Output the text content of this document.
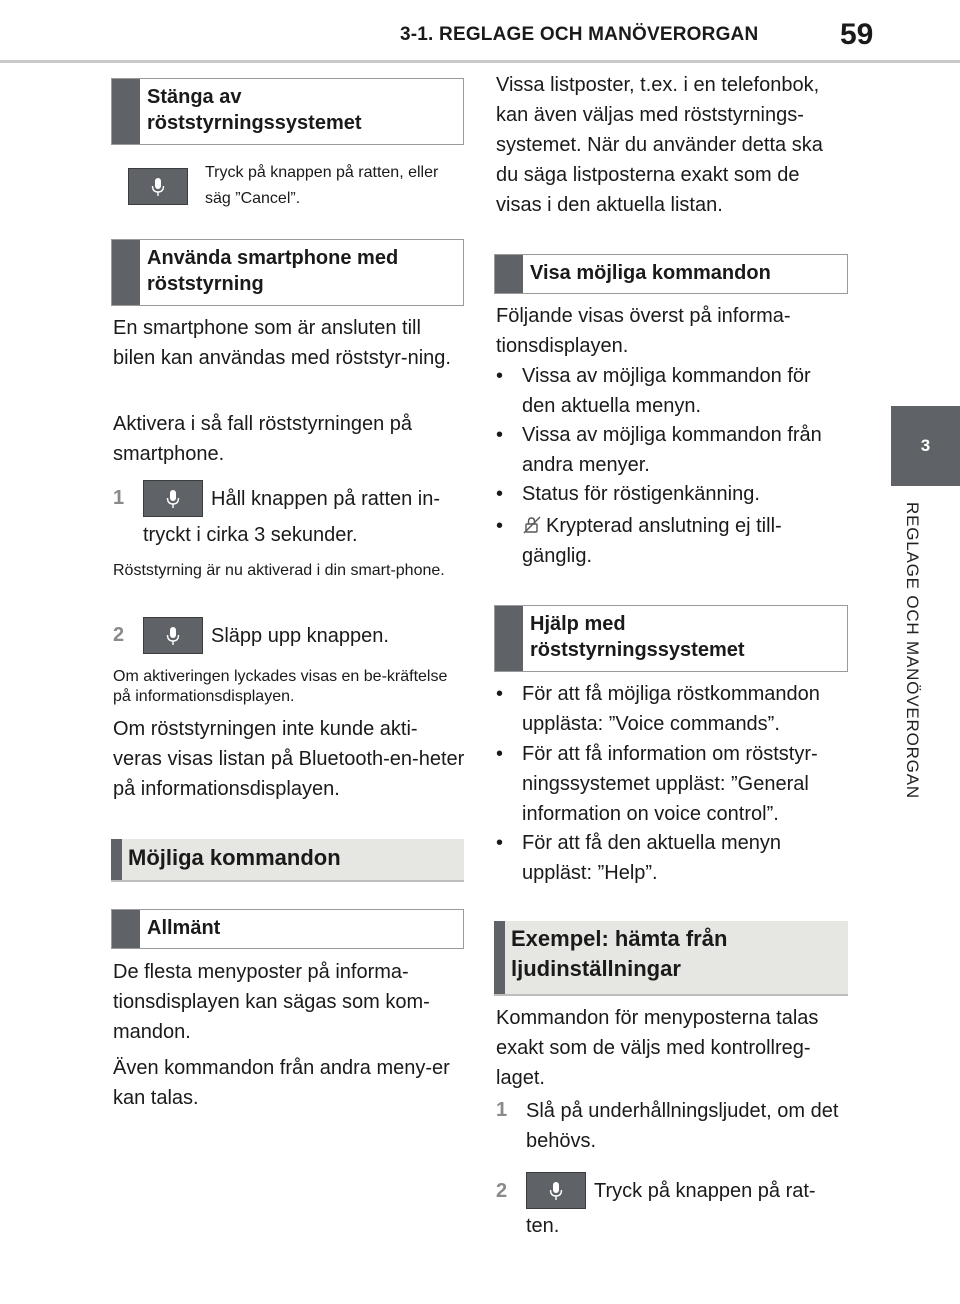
3-1. REGLAGE OCH MANÖVERORGAN	59
3
REGLAGE OCH MANÖVERORGAN
Stänga av röststyrningssystemet
Tryck på knappen på ratten, eller säg ”Cancel”.
Använda smartphone med röststyrning
En smartphone som är ansluten till bilen kan användas med röststyr-ning.
Aktivera i så fall röststyrningen på smartphone.
1	Håll knappen på ratten in-
tryckt i cirka 3 sekunder.
Röststyrning är nu aktiverad i din smart-phone.
2	Släpp upp knappen.
Om aktiveringen lyckades visas en be-kräftelse på informationsdisplayen.
Om röststyrningen inte kunde akti-veras visas listan på Bluetooth-en-heter på informationsdisplayen.
Möjliga kommandon
Allmänt
De flesta menyposter på informa-tionsdisplayen kan sägas som kom-mandon.
Även kommandon från andra meny-er kan talas.
Vissa listposter, t.ex. i en telefonbok, kan även väljas med röststyrnings-systemet. När du använder detta ska du säga listposterna exakt som de visas i den aktuella listan.
Visa möjliga kommandon
Följande visas överst på informa-tionsdisplayen.
• Vissa av möjliga kommandon för den aktuella menyn.
• Vissa av möjliga kommandon från andra menyer.
• Status för röstigenkänning.
•	Krypterad anslutning ej till-gänglig.
Hjälp med röststyrningssystemet
• För att få möjliga röstkommandon upplästa: ”Voice commands”.
• För att få information om röststyr-ningssystemet uppläst: ”General information on voice control”.
• För att få den aktuella menyn uppläst: ”Help”.
Exempel: hämta från ljudinställningar
Kommandon för menyposterna talas exakt som de väljs med kontrollreg-laget.
1 Slå på underhållningsljudet, om det behövs.
2	Tryck på knappen på rat-
ten.
